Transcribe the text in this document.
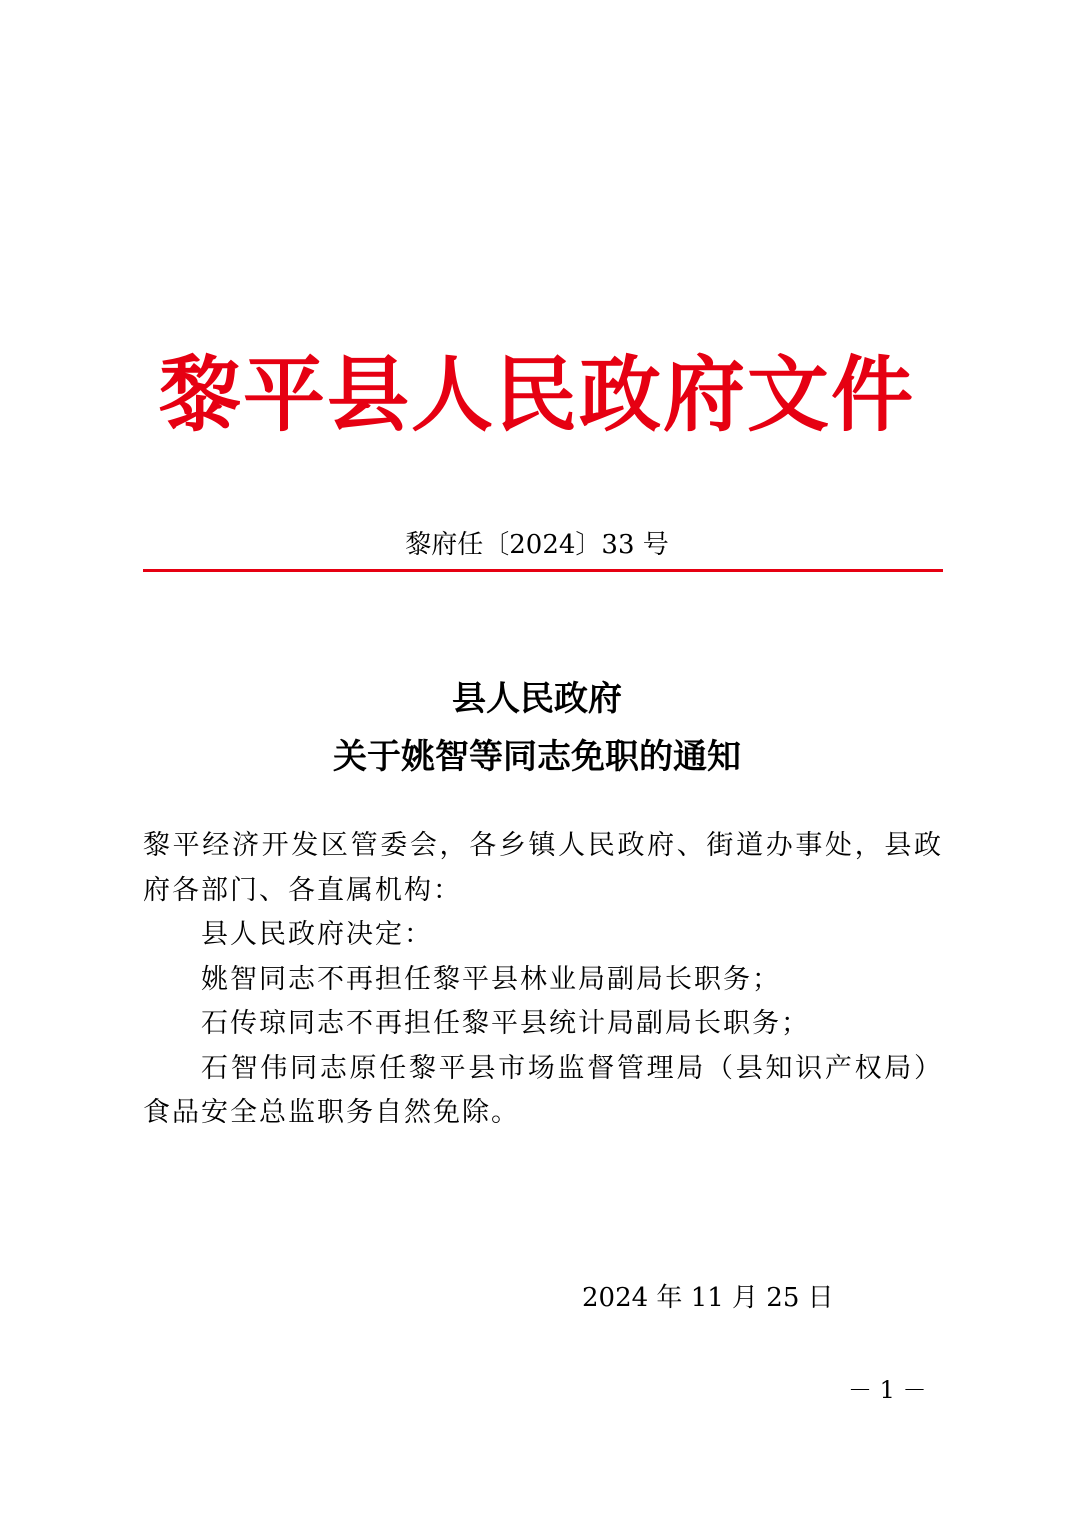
黎平县人民政府文件
黎府任〔2024〕33 号
县人民政府
关于姚智等同志免职的通知

黎平经济开发区管委会，各乡镇人民政府、街道办事处，县政府各部门、各直属机构：

县人民政府决定：

姚智同志不再担任黎平县林业局副局长职务；

石传琼同志不再担任黎平县统计局副局长职务；

石智伟同志原任黎平县市场监督管理局（县知识产权局）食品安全总监职务自然免除。

2024 年 11 月 25 日
－ 1 －
